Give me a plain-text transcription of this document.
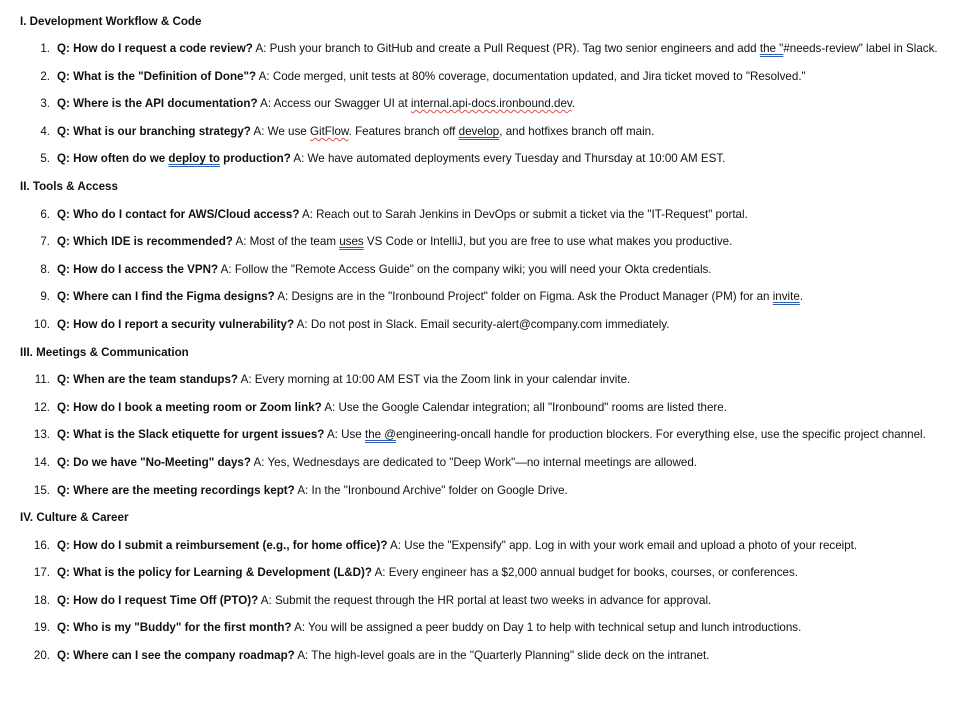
I. Development Workflow & Code
1. Q: How do I request a code review? A: Push your branch to GitHub and create a Pull Request (PR). Tag two senior engineers and add the "#needs-review" label in Slack.
2. Q: What is the "Definition of Done"? A: Code merged, unit tests at 80% coverage, documentation updated, and Jira ticket moved to "Resolved."
3. Q: Where is the API documentation? A: Access our Swagger UI at internal.api-docs.ironbound.dev.
4. Q: What is our branching strategy? A: We use GitFlow. Features branch off develop, and hotfixes branch off main.
5. Q: How often do we deploy to production? A: We have automated deployments every Tuesday and Thursday at 10:00 AM EST.
II. Tools & Access
6. Q: Who do I contact for AWS/Cloud access? A: Reach out to Sarah Jenkins in DevOps or submit a ticket via the "IT-Request" portal.
7. Q: Which IDE is recommended? A: Most of the team uses VS Code or IntelliJ, but you are free to use what makes you productive.
8. Q: How do I access the VPN? A: Follow the "Remote Access Guide" on the company wiki; you will need your Okta credentials.
9. Q: Where can I find the Figma designs? A: Designs are in the "Ironbound Project" folder on Figma. Ask the Product Manager (PM) for an invite.
10. Q: How do I report a security vulnerability? A: Do not post in Slack. Email security-alert@company.com immediately.
III. Meetings & Communication
11. Q: When are the team standups? A: Every morning at 10:00 AM EST via the Zoom link in your calendar invite.
12. Q: How do I book a meeting room or Zoom link? A: Use the Google Calendar integration; all "Ironbound" rooms are listed there.
13. Q: What is the Slack etiquette for urgent issues? A: Use the @engineering-oncall handle for production blockers. For everything else, use the specific project channel.
14. Q: Do we have "No-Meeting" days? A: Yes, Wednesdays are dedicated to "Deep Work"—no internal meetings are allowed.
15. Q: Where are the meeting recordings kept? A: In the "Ironbound Archive" folder on Google Drive.
IV. Culture & Career
16. Q: How do I submit a reimbursement (e.g., for home office)? A: Use the "Expensify" app. Log in with your work email and upload a photo of your receipt.
17. Q: What is the policy for Learning & Development (L&D)? A: Every engineer has a $2,000 annual budget for books, courses, or conferences.
18. Q: How do I request Time Off (PTO)? A: Submit the request through the HR portal at least two weeks in advance for approval.
19. Q: Who is my "Buddy" for the first month? A: You will be assigned a peer buddy on Day 1 to help with technical setup and lunch introductions.
20. Q: Where can I see the company roadmap? A: The high-level goals are in the "Quarterly Planning" slide deck on the intranet.
